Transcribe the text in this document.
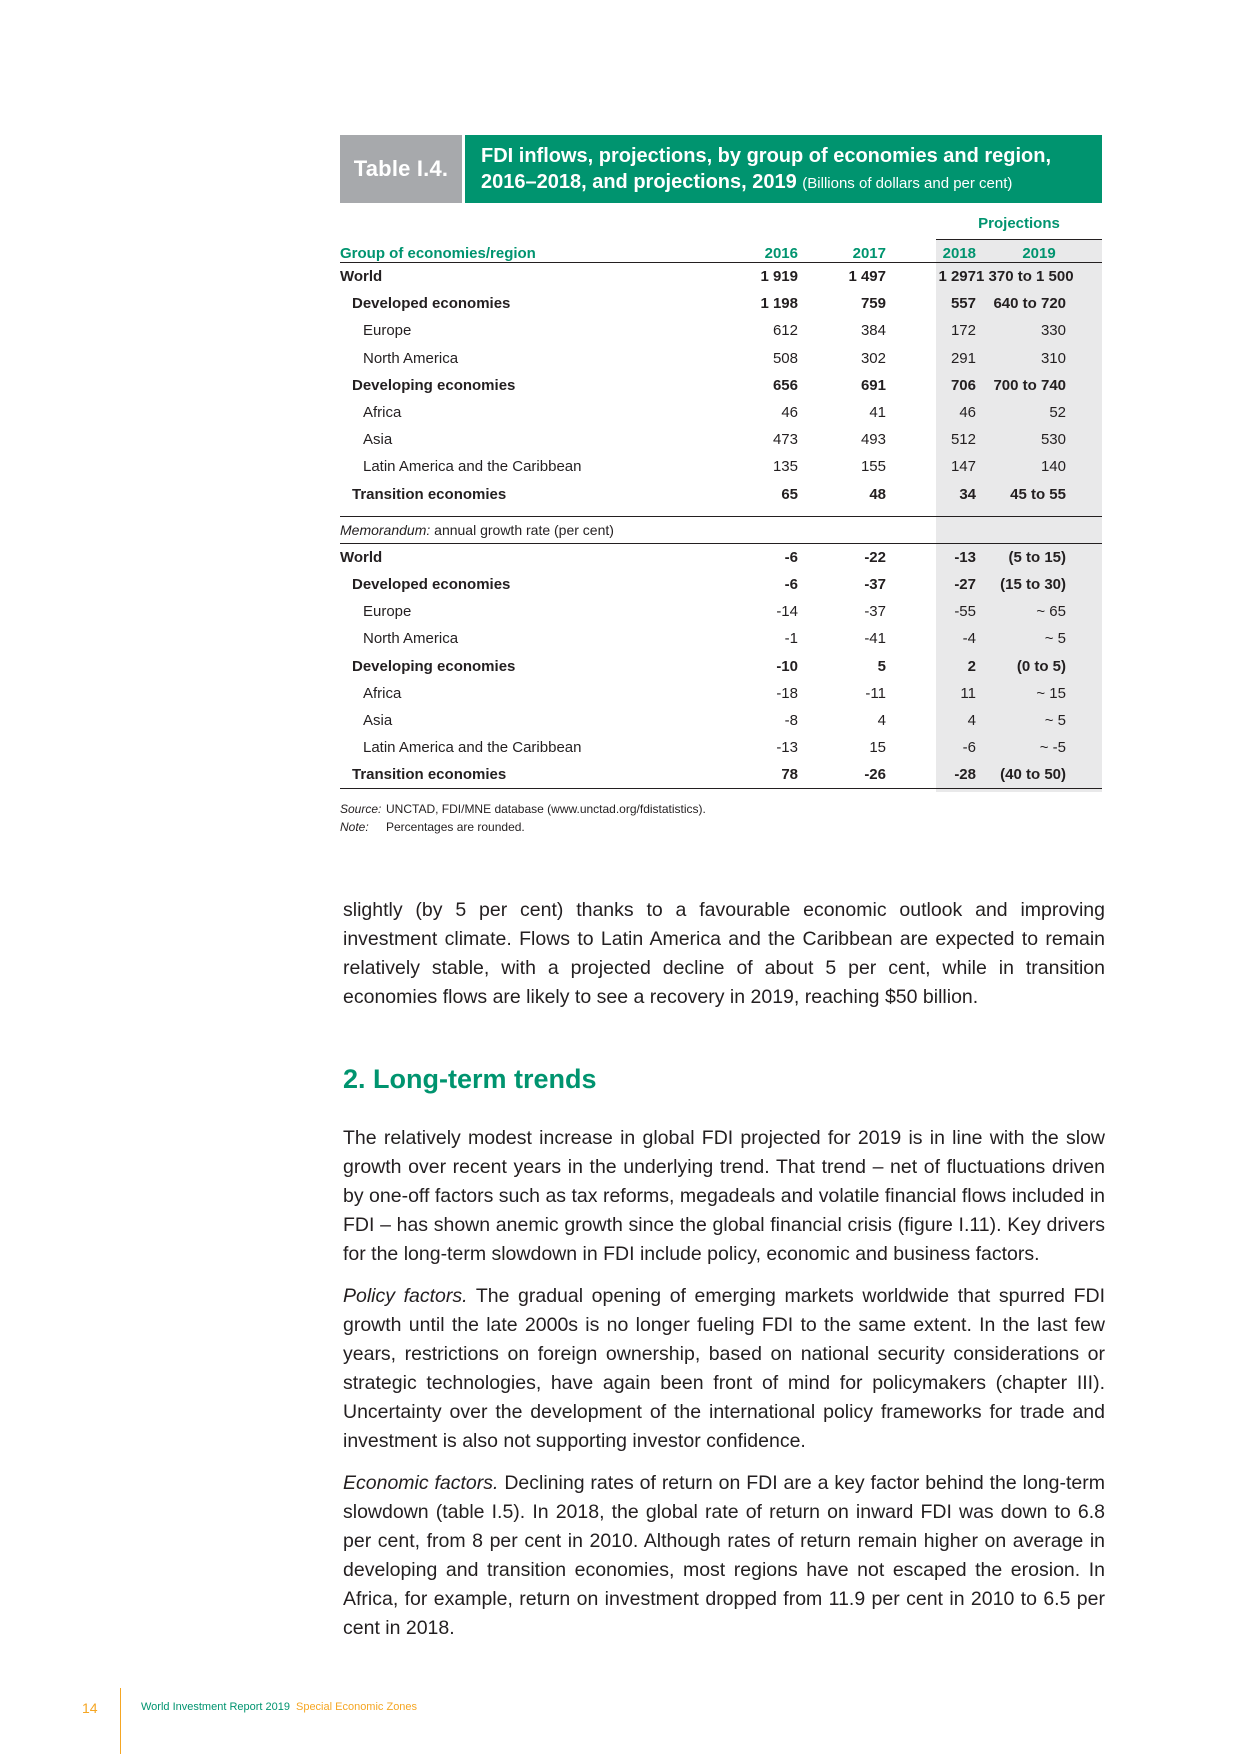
Table I.4.	FDI inflows, projections, by group of economies and region,
2016–2018, and projections, 2019 (Billions of dollars and per cent)
Projections
Group of economies/region	2016	2017	2018	2019
World	1 919	1 497	1 297	1 370 to 1 500
Developed economies	1 198	759	557	640 to 720
Europe	612	384	172	330
North America	508	302	291	310
Developing economies	656	691	706	700 to 740
Africa	46	41	46	52
Asia	473	493	512	530
Latin America and the Caribbean	135	155	147	140
Transition economies	65	48	34	45 to 55
Memorandum: annual growth rate (per cent)				
World	-6	-22	-13	(5 to 15)
Developed economies	-6	-37	-27	(15 to 30)
Europe	-14	-37	-55	~ 65
North America	-1	-41	-4	~ 5
Developing economies	-10	5	2	(0 to 5)
Africa	-18	-11	11	~ 15
Asia	-8	4	4	~ 5
Latin America and the Caribbean	-13	15	-6	~ -5
Transition economies	78	-26	-28	(40 to 50)
Source: UNCTAD, FDI/MNE database (www.unctad.org/fdistatistics).
Note: Percentages are rounded.
slightly (by 5 per cent) thanks to a favourable economic outlook and improving investment climate. Flows to Latin America and the Caribbean are expected to remain relatively stable, with a projected decline of about 5 per cent, while in transition economies flows are likely to see a recovery in 2019, reaching $50 billion.
2. Long-term trends
The relatively modest increase in global FDI projected for 2019 is in line with the slow growth over recent years in the underlying trend. That trend – net of fluctuations driven by one-off factors such as tax reforms, megadeals and volatile financial flows included in FDI – has shown anemic growth since the global financial crisis (figure I.11). Key drivers for the long-term slowdown in FDI include policy, economic and business factors.
Policy factors. The gradual opening of emerging markets worldwide that spurred FDI growth until the late 2000s is no longer fueling FDI to the same extent. In the last few years, restrictions on foreign ownership, based on national security considerations or strategic technologies, have again been front of mind for policymakers (chapter III). Uncertainty over the development of the international policy frameworks for trade and investment is also not supporting investor confidence.
Economic factors. Declining rates of return on FDI are a key factor behind the long-term slowdown (table I.5). In 2018, the global rate of return on inward FDI was down to 6.8 per cent, from 8 per cent in 2010. Although rates of return remain higher on average in developing and transition economies, most regions have not escaped the erosion. In Africa, for example, return on investment dropped from 11.9 per cent in 2010 to 6.5 per cent in 2018.
14	World Investment Report 2019 Special Economic Zones
